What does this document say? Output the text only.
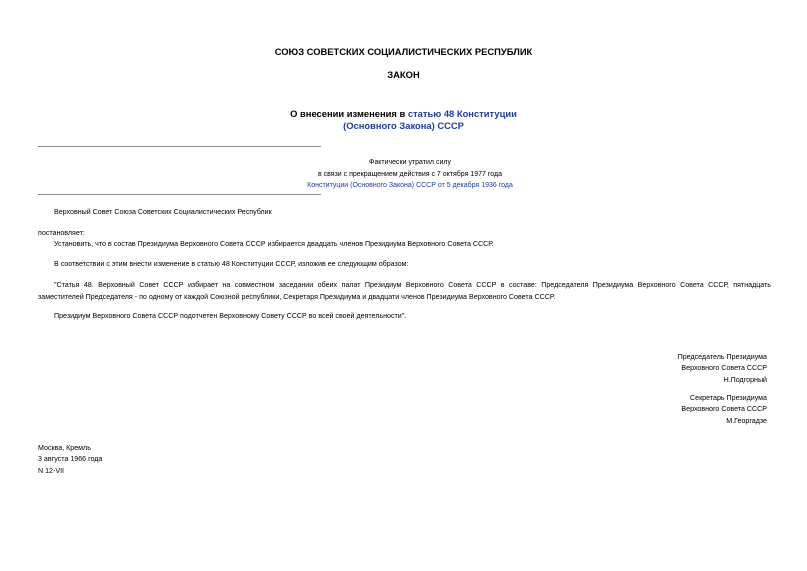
СОЮЗ СОВЕТСКИХ СОЦИАЛИСТИЧЕСКИХ РЕСПУБЛИК
ЗАКОН
О внесении изменения в статью 48 Конституции
(Основного Закона) СССР
Фактически утратил силу
в связи с прекращением действия с 7 октября 1977 года
Конституции (Основного Закона) СССР от 5 декабря 1936 года
Верховный Совет Союза Советских Социалистических Республик
постановляет:
Установить, что в состав Президиума Верховного Совета СССР избирается двадцать членов Президиума Верховного Совета СССР.
В соответствии с этим внести изменение в статью 48 Конституции СССР, изложив ее следующим образом:
"Статья 48. Верховный Совет СССР избирает на совместном заседании обеих палат Президиум Верховного Совета СССР в составе: Председателя Президиума Верховного Совета СССР, пятнадцать
заместителей Председателя - по одному от каждой Союзной республики, Секретаря Президиума и двадцати членов Президиума Верховного Совета СССР.
Президиум Верховного Совета СССР подотчетен Верховному Совету СССР во всей своей деятельности".
Председатель Президиума
Верховного Совета СССР
Н.Подгорный
Секретарь Президиума
Верховного Совета СССР
М.Георгадзе
Москва, Кремль
3 августа 1966 года
N 12-VII
